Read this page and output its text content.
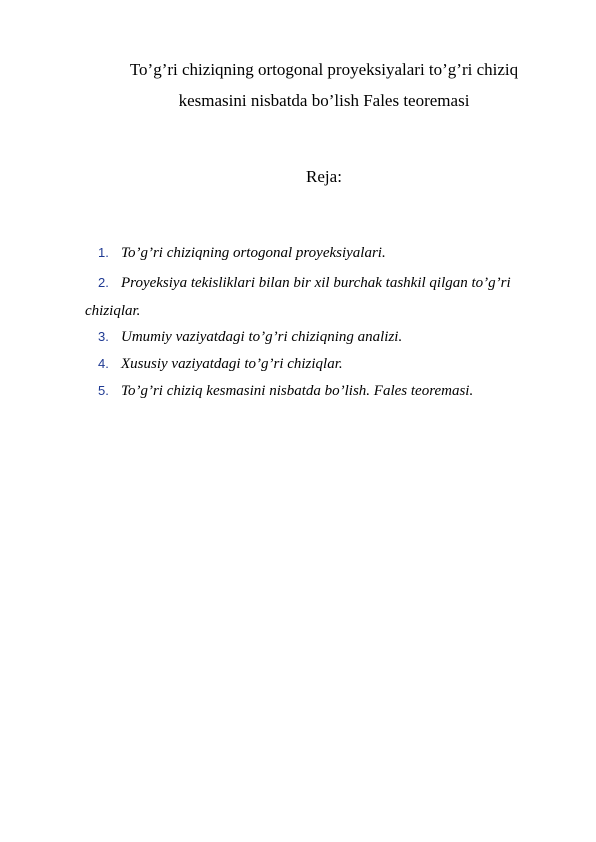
To’g’ri chiziqning ortogonal proyeksiyalari to’g’ri chiziq
kesmasini nisbatda bo’lish Fales teoremasi
Reja:
1. To’g’ri chiziqning ortogonal proyeksiyalari.
2. Proyeksiya tekisliklari bilan bir xil burchak tashkil qilgan to’g’ri
chiziqlar.
3. Umumiy vaziyatdagi to’g’ri chiziqning analizi.
4. Xususiy vaziyatdagi to’g’ri chiziqlar.
5. To’g’ri chiziq kesmasini nisbatda bo’lish. Fales teoremasi.
